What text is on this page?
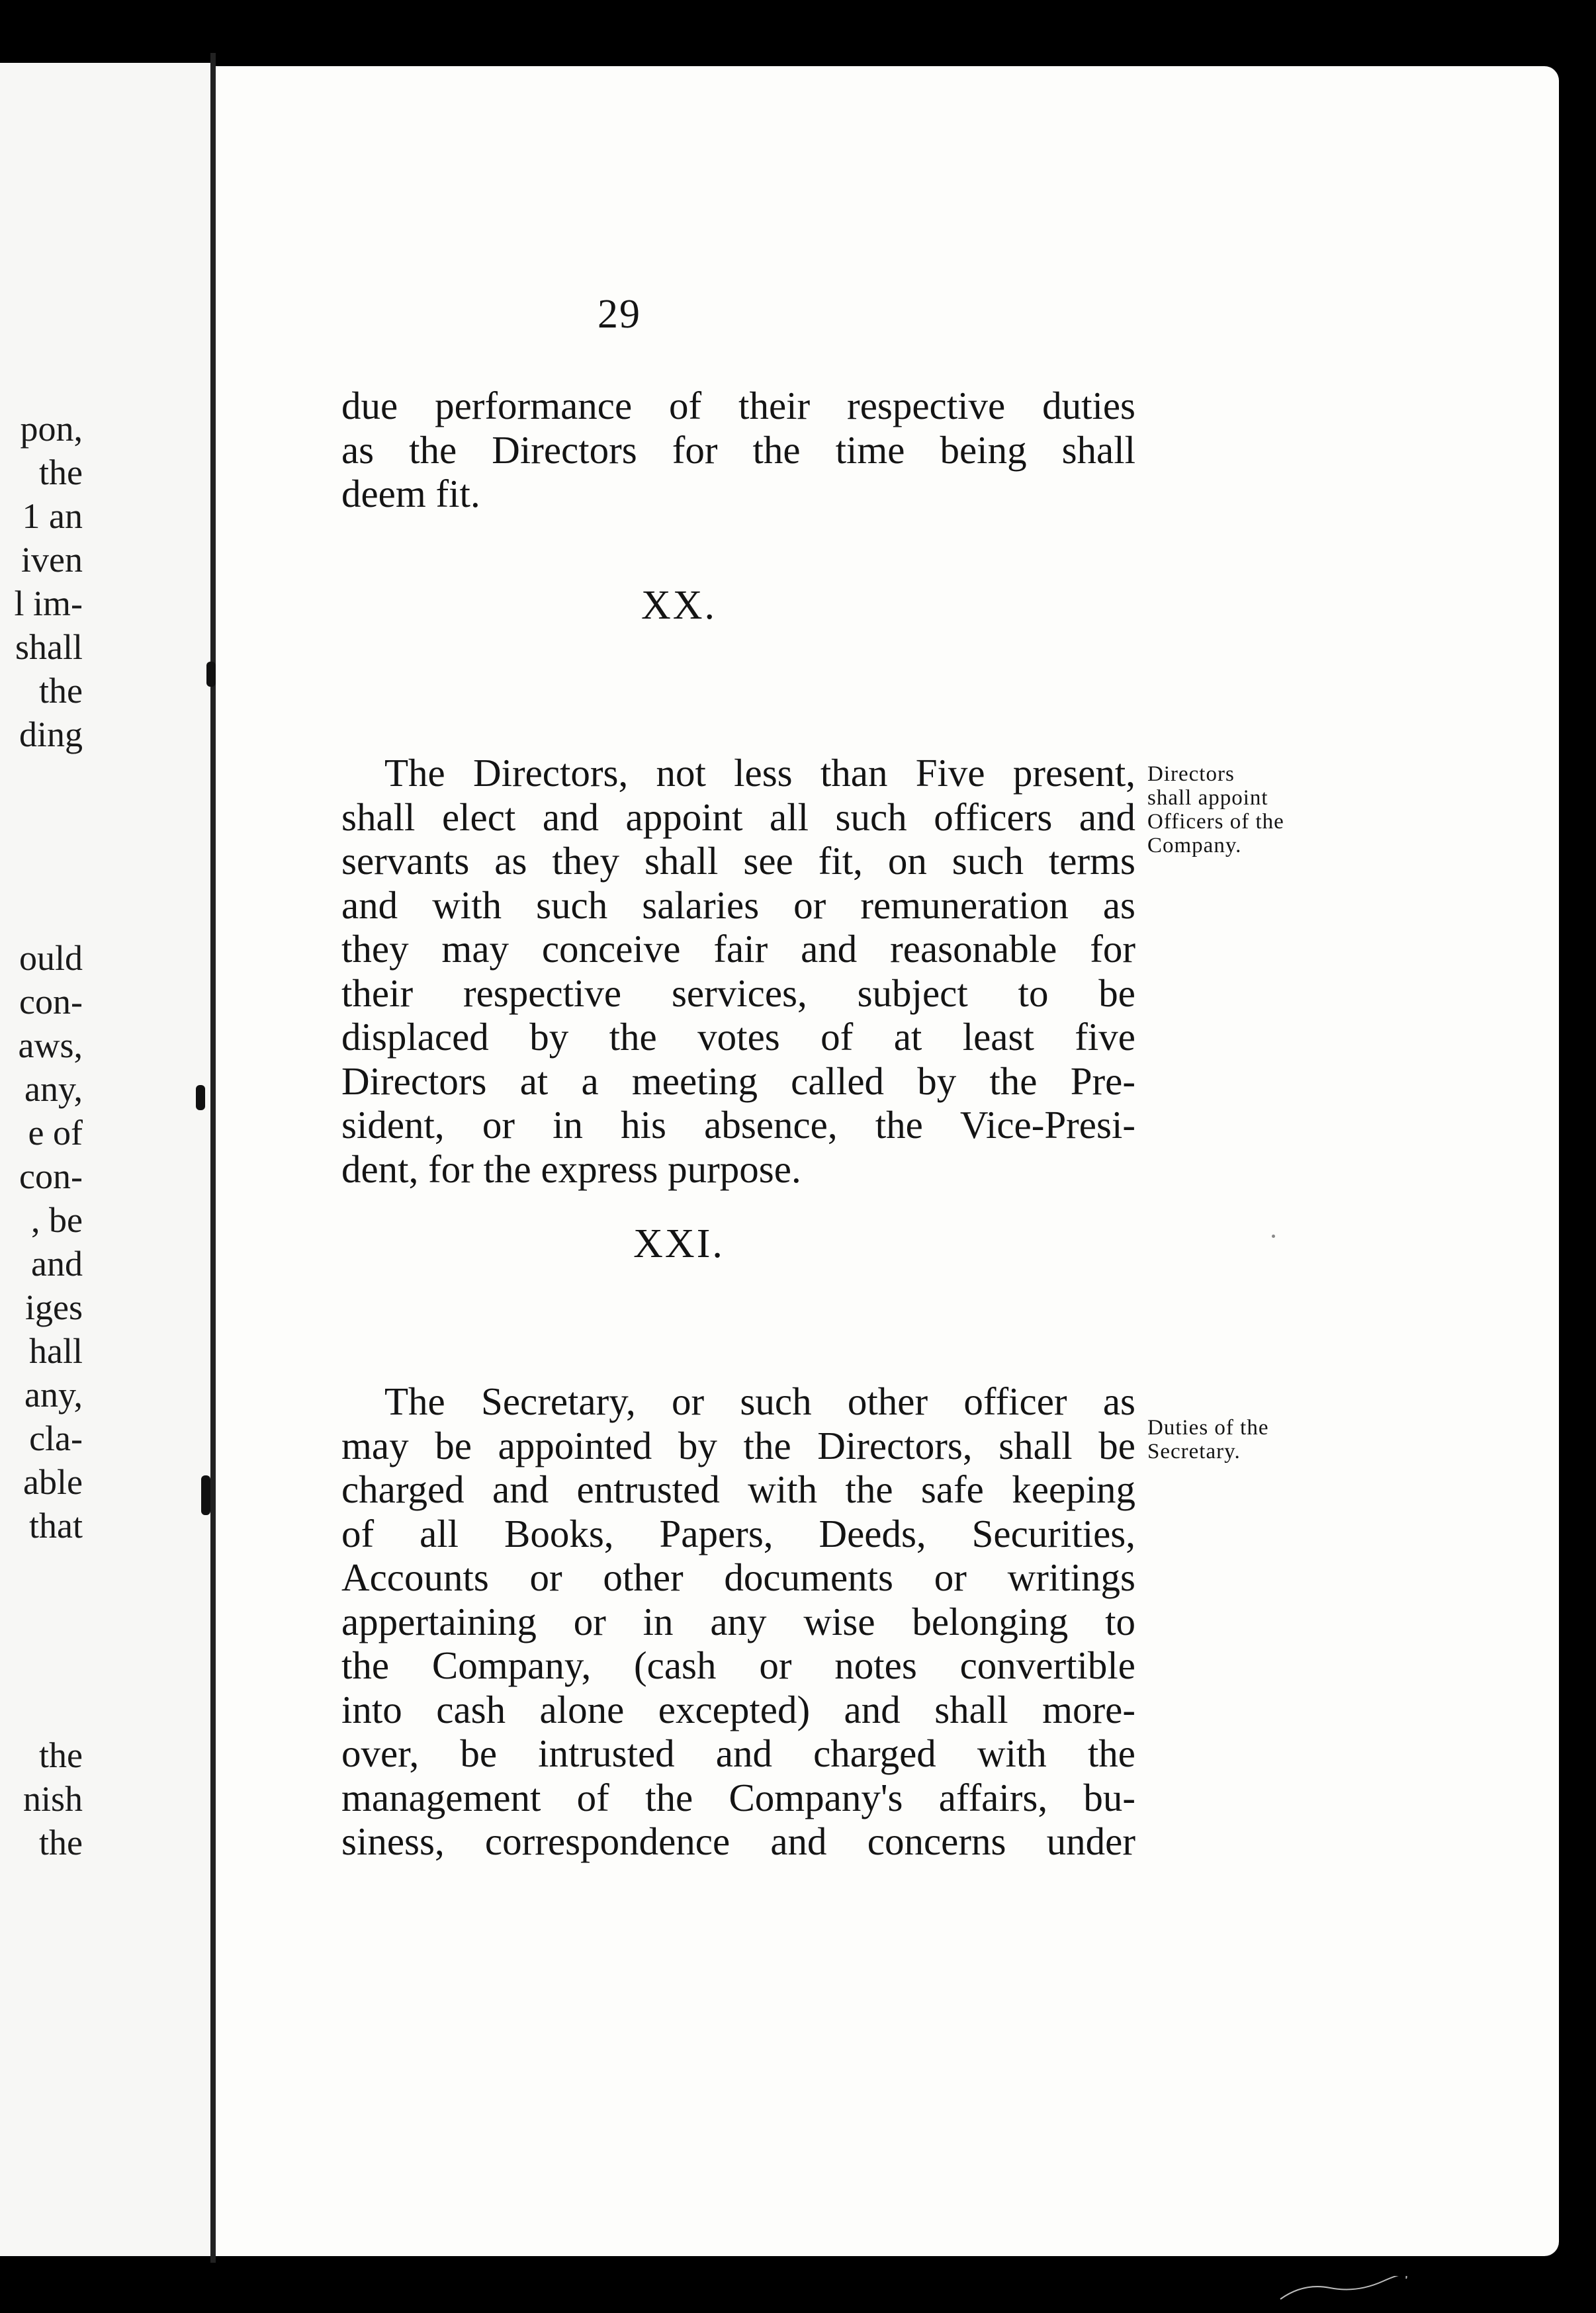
pon,
the
1 an
iven
l im-
shall
the
ding
ould
con-
aws,
any,
e of
con-
, be
and
iges
hall
any,
cla-
able
that
the
nish
the
29
due performance of their respective duties
as the Directors for the time being shall
deem fit.
XX.
The Directors, not less than Five present,
shall elect and appoint all such officers and
servants as they shall see fit, on such terms
and with such salaries or remuneration as
they may conceive fair and reasonable for
their respective services, subject to be
displaced by the votes of at least five
Directors at a meeting called by the Pre-
sident, or in his absence, the Vice-Presi-
dent, for the express purpose.
Directors
shall appoint
Officers of the
Company.
XXI.
The Secretary, or such other officer as
may be appointed by the Directors, shall be
charged and entrusted with the safe keeping
of all Books, Papers, Deeds, Securities,
Accounts or other documents or writings
appertaining or in any wise belonging to
the Company, (cash or notes convertible
into cash alone excepted) and shall more-
over, be intrusted and charged with the
management of the Company's affairs, bu-
siness, correspondence and concerns under
Duties of the
Secretary.
